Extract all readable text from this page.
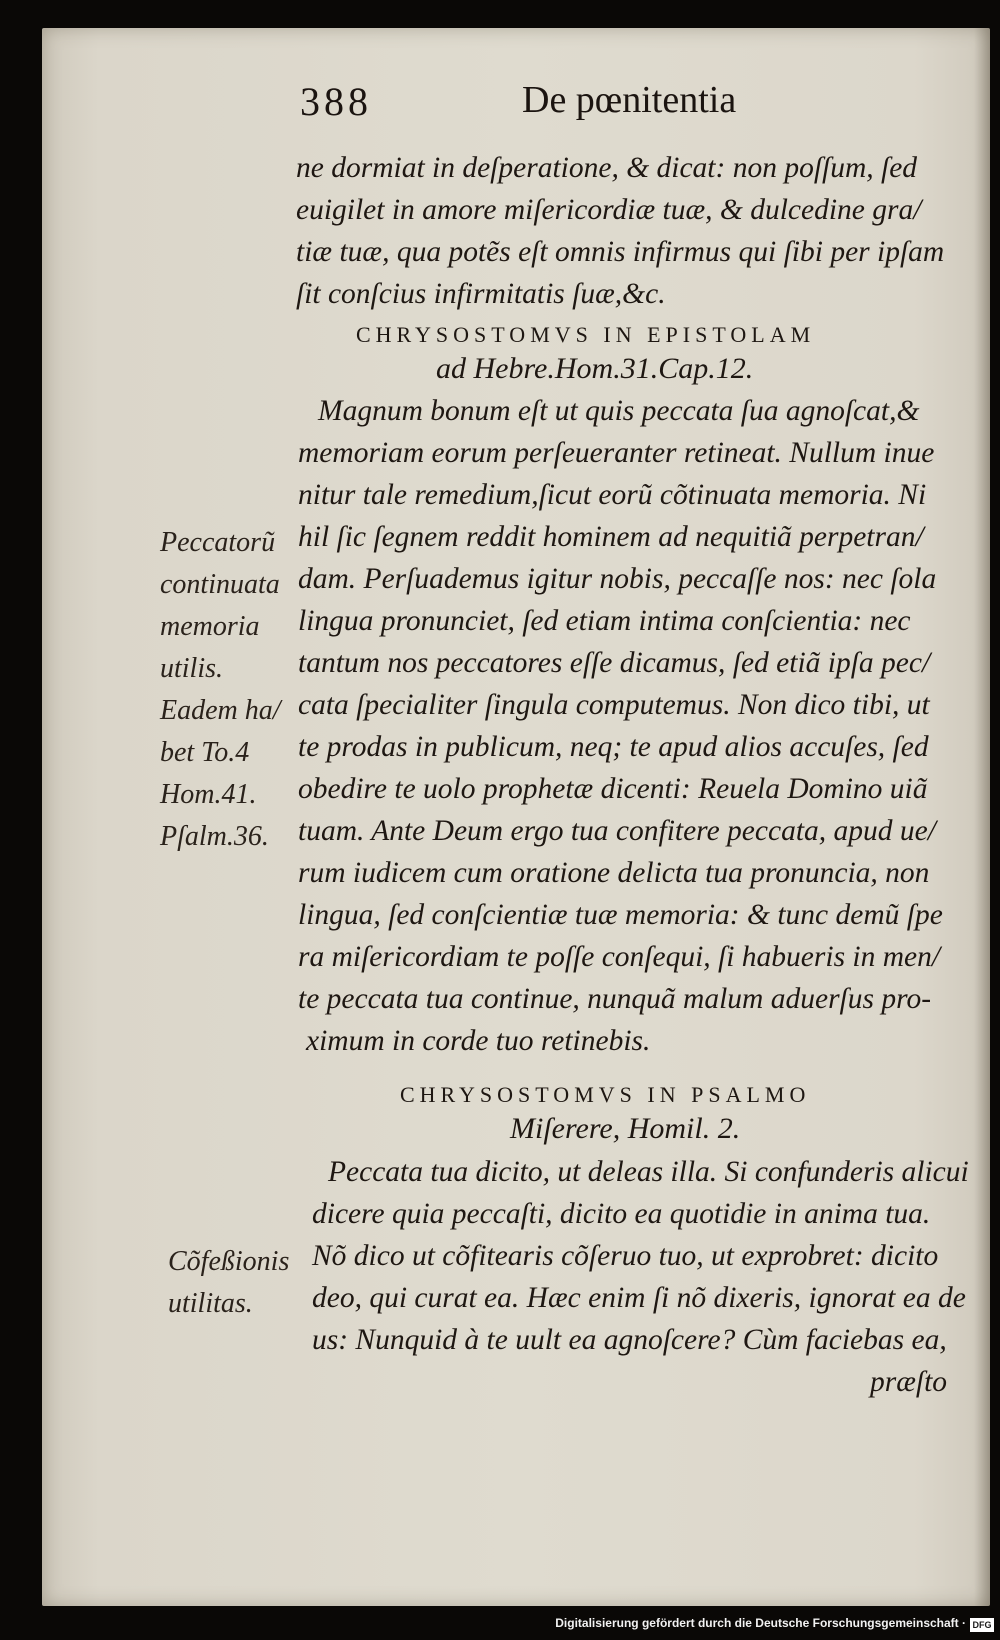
388	De pœnitentia
ne dormiat in deſperatione, & dicat: non poſſum, ſed
euigilet in amore miſericordiæ tuæ, & dulcedine gra/
tiæ tuæ, qua potẽs eſt omnis infirmus qui ſibi per ipſam
ſit conſcius infirmitatis ſuæ,&c.
CHRYSOSTOMVS IN EPISTOLAM
ad Hebre.Hom.31.Cap.12.
Magnum bonum eſt ut quis peccata ſua agnoſcat,&
memoriam eorum perſeueranter retineat. Nullum inue
nitur tale remedium,ſicut eorũ cõtinuata memoria. Ni
hil ſic ſegnem reddit hominem ad nequitiã perpetran/
dam. Perſuademus igitur nobis, peccaſſe nos: nec ſola
lingua pronunciet, ſed etiam intima conſcientia: nec
tantum nos peccatores eſſe dicamus, ſed etiã ipſa pec/
cata ſpecialiter ſingula computemus. Non dico tibi, ut
te prodas in publicum, neq; te apud alios accuſes, ſed
obedire te uolo prophetæ dicenti: Reuela Domino uiã
tuam. Ante Deum ergo tua confitere peccata, apud ue/
rum iudicem cum oratione delicta tua pronuncia, non
lingua, ſed conſcientiæ tuæ memoria: & tunc demũ ſpe
ra miſericordiam te poſſe conſequi, ſi habueris in men/
te peccata tua continue, nunquã malum aduerſus pro-
ximum in corde tuo retinebis.
Peccatorũ
continuata
memoria
utilis.
Eadem ha/
bet To.4
Hom.41.
Pſalm.36.
CHRYSOSTOMVS IN PSALMO
Miſerere, Homil. 2.
Peccata tua dicito, ut deleas illa. Si confunderis alicui
dicere quia peccaſti, dicito ea quotidie in anima tua.
Nõ dico ut cõfitearis cõſeruo tuo, ut exprobret: dicito
deo, qui curat ea. Hæc enim ſi nõ dixeris, ignorat ea de
us: Nunquid à te uult ea agnoſcere? Cùm faciebas ea,
præſto
Cõfeßionis
utilitas.
Digitalisierung gefördert durch die Deutsche Forschungsgemeinschaft · DFG
